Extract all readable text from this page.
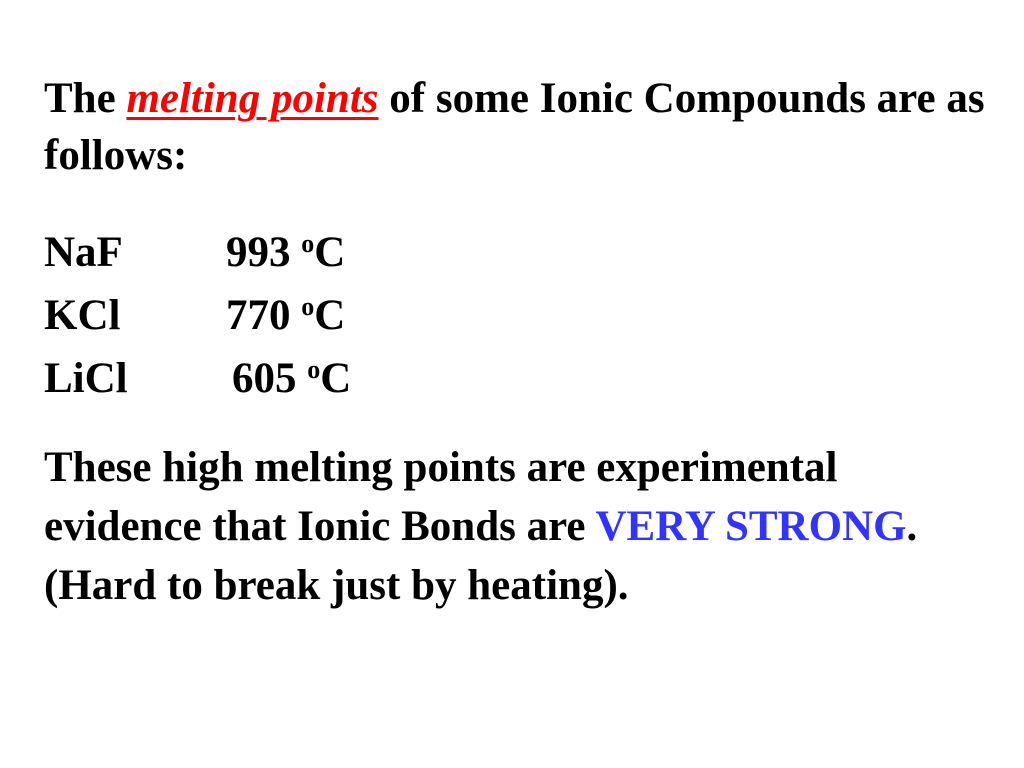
The melting points of some Ionic Compounds are as follows:

NaF 993 $^o$C
KCl 770 $^o$C
LiCl 605 $^o$C

These high melting points are experimental evidence that Ionic Bonds are VERY STRONG. (Hard to break just by heating).
